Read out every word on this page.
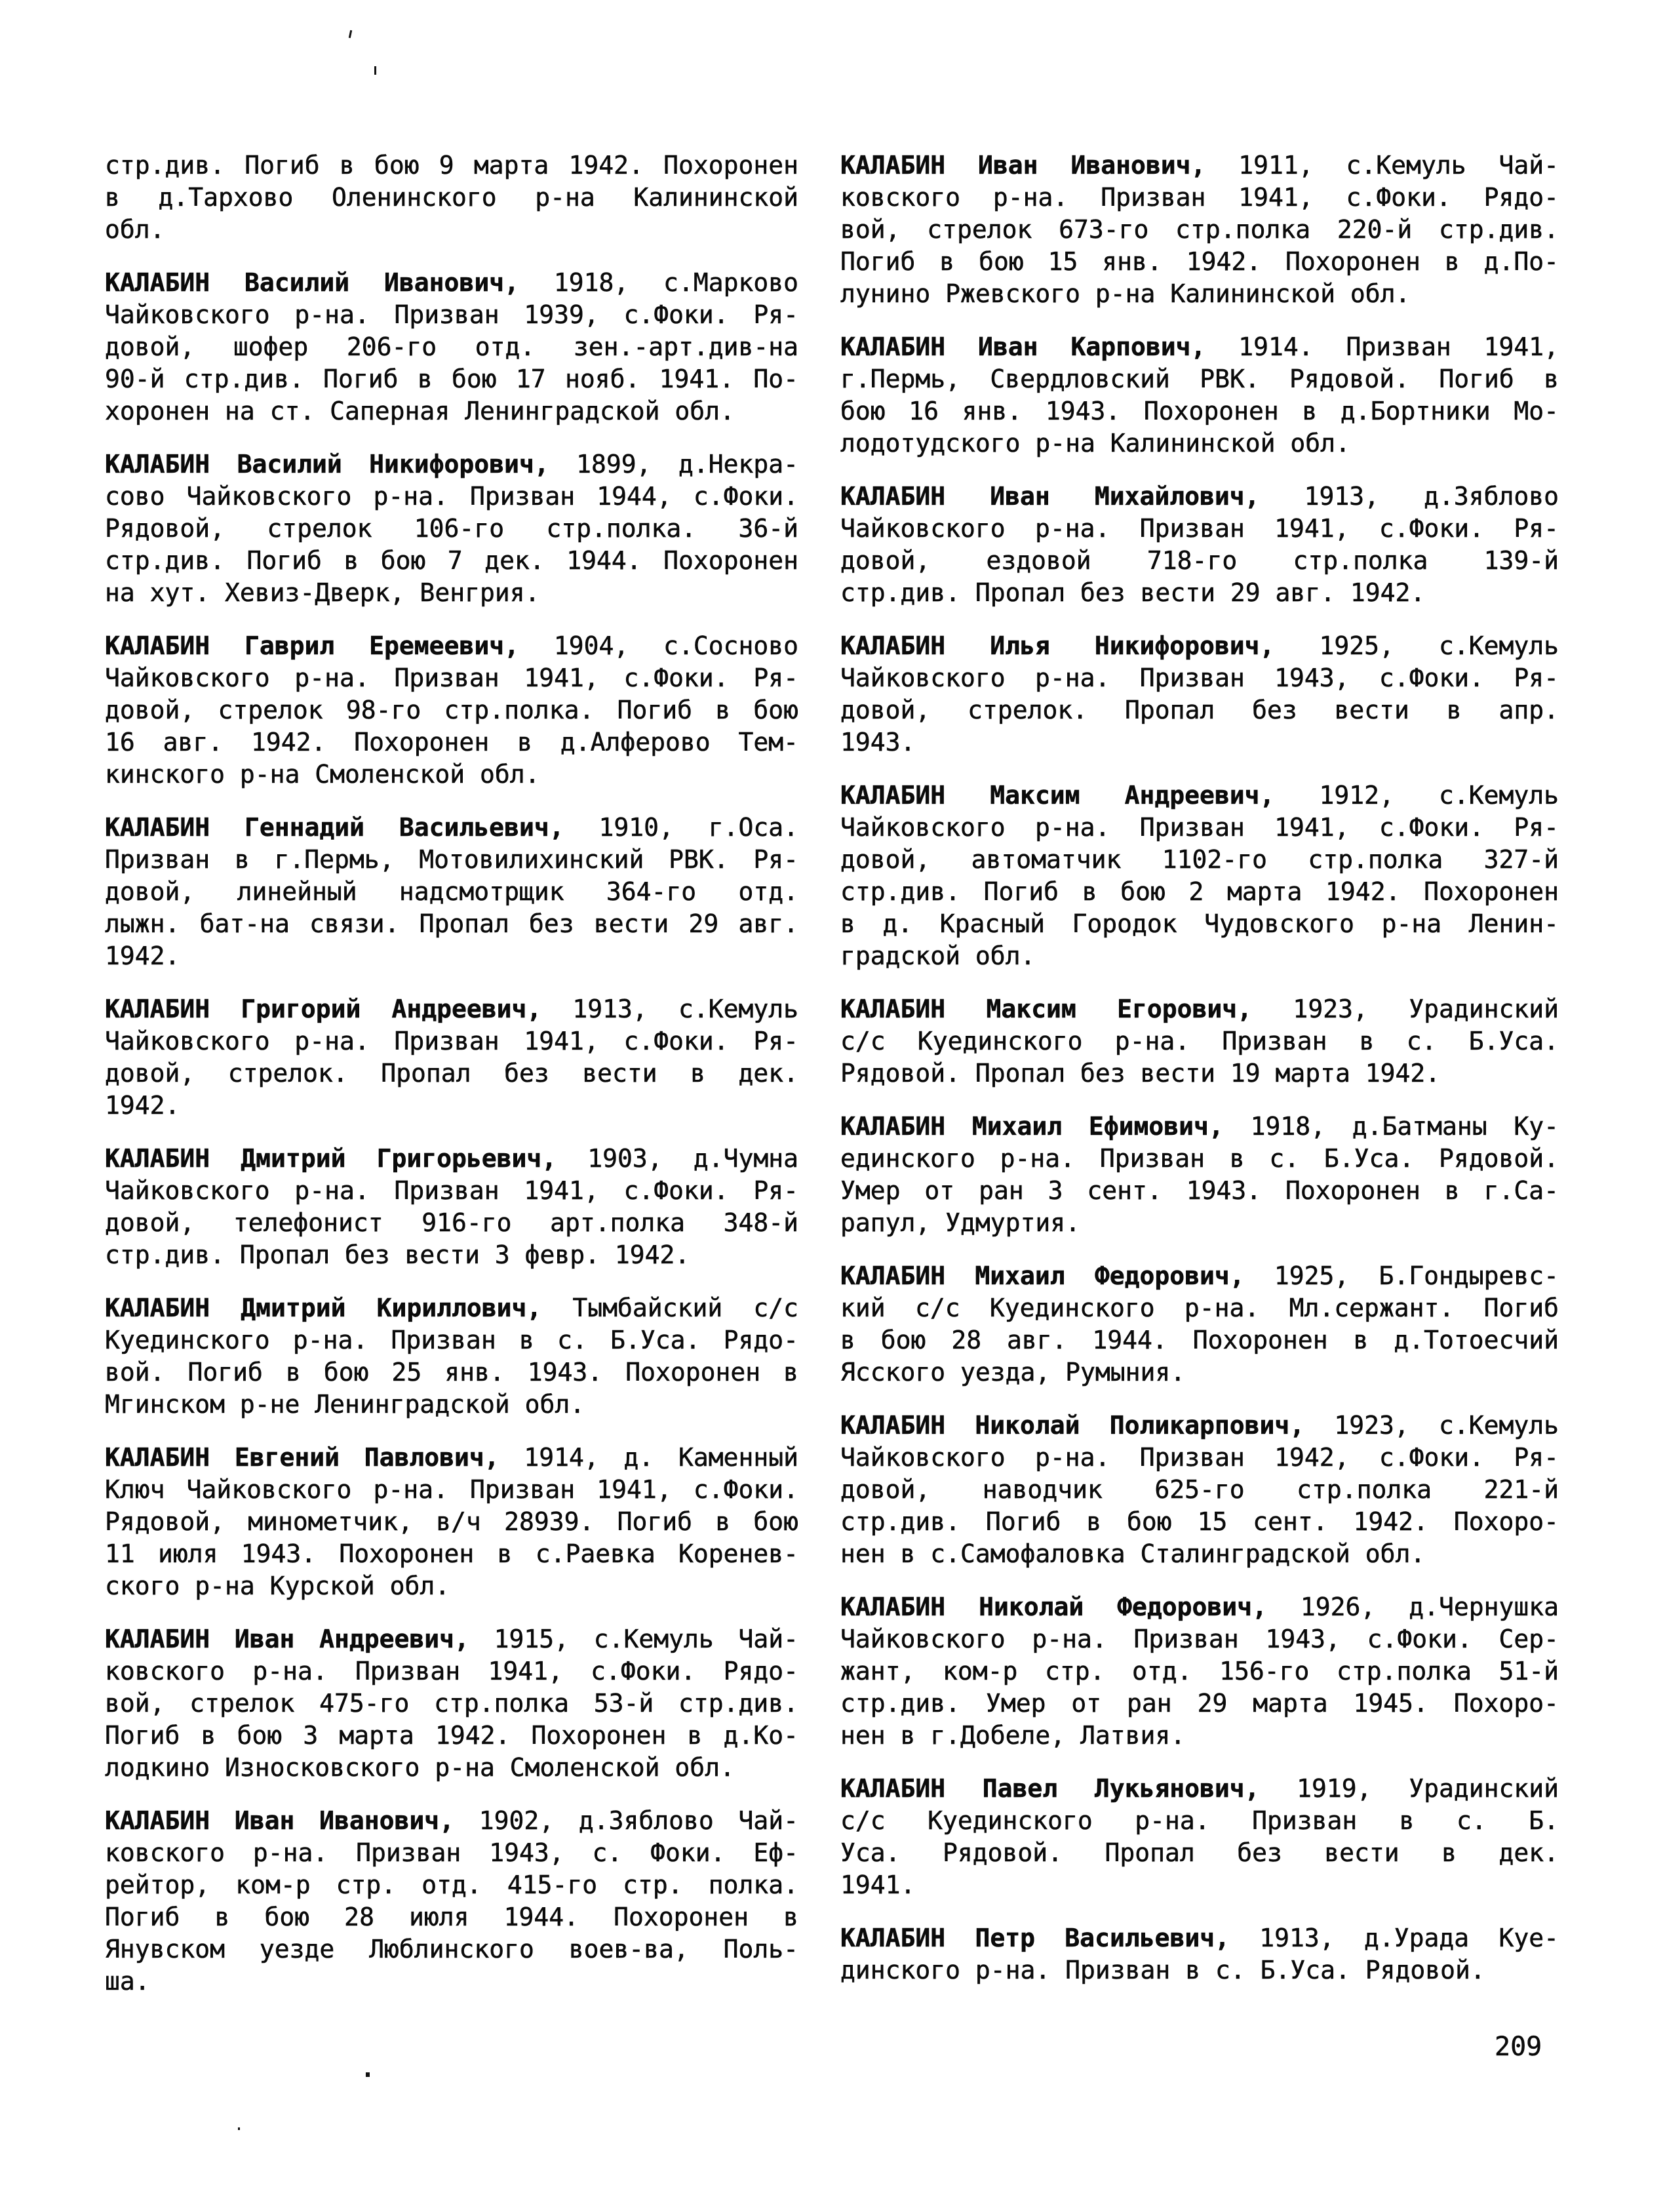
стр.див. Погиб в бою 9 марта 1942. Похоронен
в д.Тархово Оленинского р-на Калининской
обл.
КАЛАБИН Василий Иванович, 1918, с.Марково
Чайковского р-на. Призван 1939, с.Фоки. Ря-
довой, шофер 206-го отд. зен.-арт.див-на
90-й стр.див. Погиб в бою 17 нояб. 1941. По-
хоронен на ст. Саперная Ленинградской обл.
КАЛАБИН Василий Никифорович, 1899, д.Некра-
сово Чайковского р-на. Призван 1944, с.Фоки.
Рядовой, стрелок 106-го стр.полка. 36-й
стр.див. Погиб в бою 7 дек. 1944. Похоронен
на хут. Хевиз-Дверк, Венгрия.
КАЛАБИН Гаврил Еремеевич, 1904, с.Сосново
Чайковского р-на. Призван 1941, с.Фоки. Ря-
довой, стрелок 98-го стр.полка. Погиб в бою
16 авг. 1942. Похоронен в д.Алферово Тем-
кинского р-на Смоленской обл.
КАЛАБИН Геннадий Васильевич, 1910, г.Оса.
Призван в г.Пермь, Мотовилихинский РВК. Ря-
довой, линейный надсмотрщик 364-го отд.
лыжн. бат-на связи. Пропал без вести 29 авг.
1942.
КАЛАБИН Григорий Андреевич, 1913, с.Кемуль
Чайковского р-на. Призван 1941, с.Фоки. Ря-
довой, стрелок. Пропал без вести в дек.
1942.
КАЛАБИН Дмитрий Григорьевич, 1903, д.Чумна
Чайковского р-на. Призван 1941, с.Фоки. Ря-
довой, телефонист 916-го арт.полка 348-й
стр.див. Пропал без вести 3 февр. 1942.
КАЛАБИН Дмитрий Кириллович, Тымбайский с/с
Куединского р-на. Призван в с. Б.Уса. Рядо-
вой. Погиб в бою 25 янв. 1943. Похоронен в
Мгинском р-не Ленинградской обл.
КАЛАБИН Евгений Павлович, 1914, д. Каменный
Ключ Чайковского р-на. Призван 1941, с.Фоки.
Рядовой, минометчик, в/ч 28939. Погиб в бою
11 июля 1943. Похоронен в с.Раевка Коренев-
ского р-на Курской обл.
КАЛАБИН Иван Андреевич, 1915, с.Кемуль Чай-
ковского р-на. Призван 1941, с.Фоки. Рядо-
вой, стрелок 475-го стр.полка 53-й стр.див.
Погиб в бою 3 марта 1942. Похоронен в д.Ко-
лодкино Износковского р-на Смоленской обл.
КАЛАБИН Иван Иванович, 1902, д.Зяблово Чай-
ковского р-на. Призван 1943, с. Фоки. Еф-
рейтор, ком-р стр. отд. 415-го стр. полка.
Погиб в бою 28 июля 1944. Похоронен в
Янувском уезде Люблинского воев-ва, Поль-
ша.
КАЛАБИН Иван Иванович, 1911, с.Кемуль Чай-
ковского р-на. Призван 1941, с.Фоки. Рядо-
вой, стрелок 673-го стр.полка 220-й стр.див.
Погиб в бою 15 янв. 1942. Похоронен в д.По-
лунино Ржевского р-на Калининской обл.
КАЛАБИН Иван Карпович, 1914. Призван 1941,
г.Пермь, Свердловский РВК. Рядовой. Погиб в
бою 16 янв. 1943. Похоронен в д.Бортники Мо-
лодотудского р-на Калининской обл.
КАЛАБИН Иван Михайлович, 1913, д.Зяблово
Чайковского р-на. Призван 1941, с.Фоки. Ря-
довой, ездовой 718-го стр.полка 139-й
стр.див. Пропал без вести 29 авг. 1942.
КАЛАБИН Илья Никифорович, 1925, с.Кемуль
Чайковского р-на. Призван 1943, с.Фоки. Ря-
довой, стрелок. Пропал без вести в апр.
1943.
КАЛАБИН Максим Андреевич, 1912, с.Кемуль
Чайковского р-на. Призван 1941, с.Фоки. Ря-
довой, автоматчик 1102-го стр.полка 327-й
стр.див. Погиб в бою 2 марта 1942. Похоронен
в д. Красный Городок Чудовского р-на Ленин-
градской обл.
КАЛАБИН Максим Егорович, 1923, Урадинский
с/с Куединского р-на. Призван в с. Б.Уса.
Рядовой. Пропал без вести 19 марта 1942.
КАЛАБИН Михаил Ефимович, 1918, д.Батманы Ку-
единского р-на. Призван в с. Б.Уса. Рядовой.
Умер от ран 3 сент. 1943. Похоронен в г.Са-
рапул, Удмуртия.
КАЛАБИН Михаил Федорович, 1925, Б.Гондыревс-
кий с/с Куединского р-на. Мл.сержант. Погиб
в бою 28 авг. 1944. Похоронен в д.Тотоесчий
Ясского уезда, Румыния.
КАЛАБИН Николай Поликарпович, 1923, с.Кемуль
Чайковского р-на. Призван 1942, с.Фоки. Ря-
довой, наводчик 625-го стр.полка 221-й
стр.див. Погиб в бою 15 сент. 1942. Похоро-
нен в с.Самофаловка Сталинградской обл.
КАЛАБИН Николай Федорович, 1926, д.Чернушка
Чайковского р-на. Призван 1943, с.Фоки. Сер-
жант, ком-р стр. отд. 156-го стр.полка 51-й
стр.див. Умер от ран 29 марта 1945. Похоро-
нен в г.Добеле, Латвия.
КАЛАБИН Павел Лукьянович, 1919, Урадинский
с/с Куединского р-на. Призван в с. Б.
Уса. Рядовой. Пропал без вести в дек.
1941.
КАЛАБИН Петр Васильевич, 1913, д.Урада Куе-
динского р-на. Призван в с. Б.Уса. Рядовой.
209
